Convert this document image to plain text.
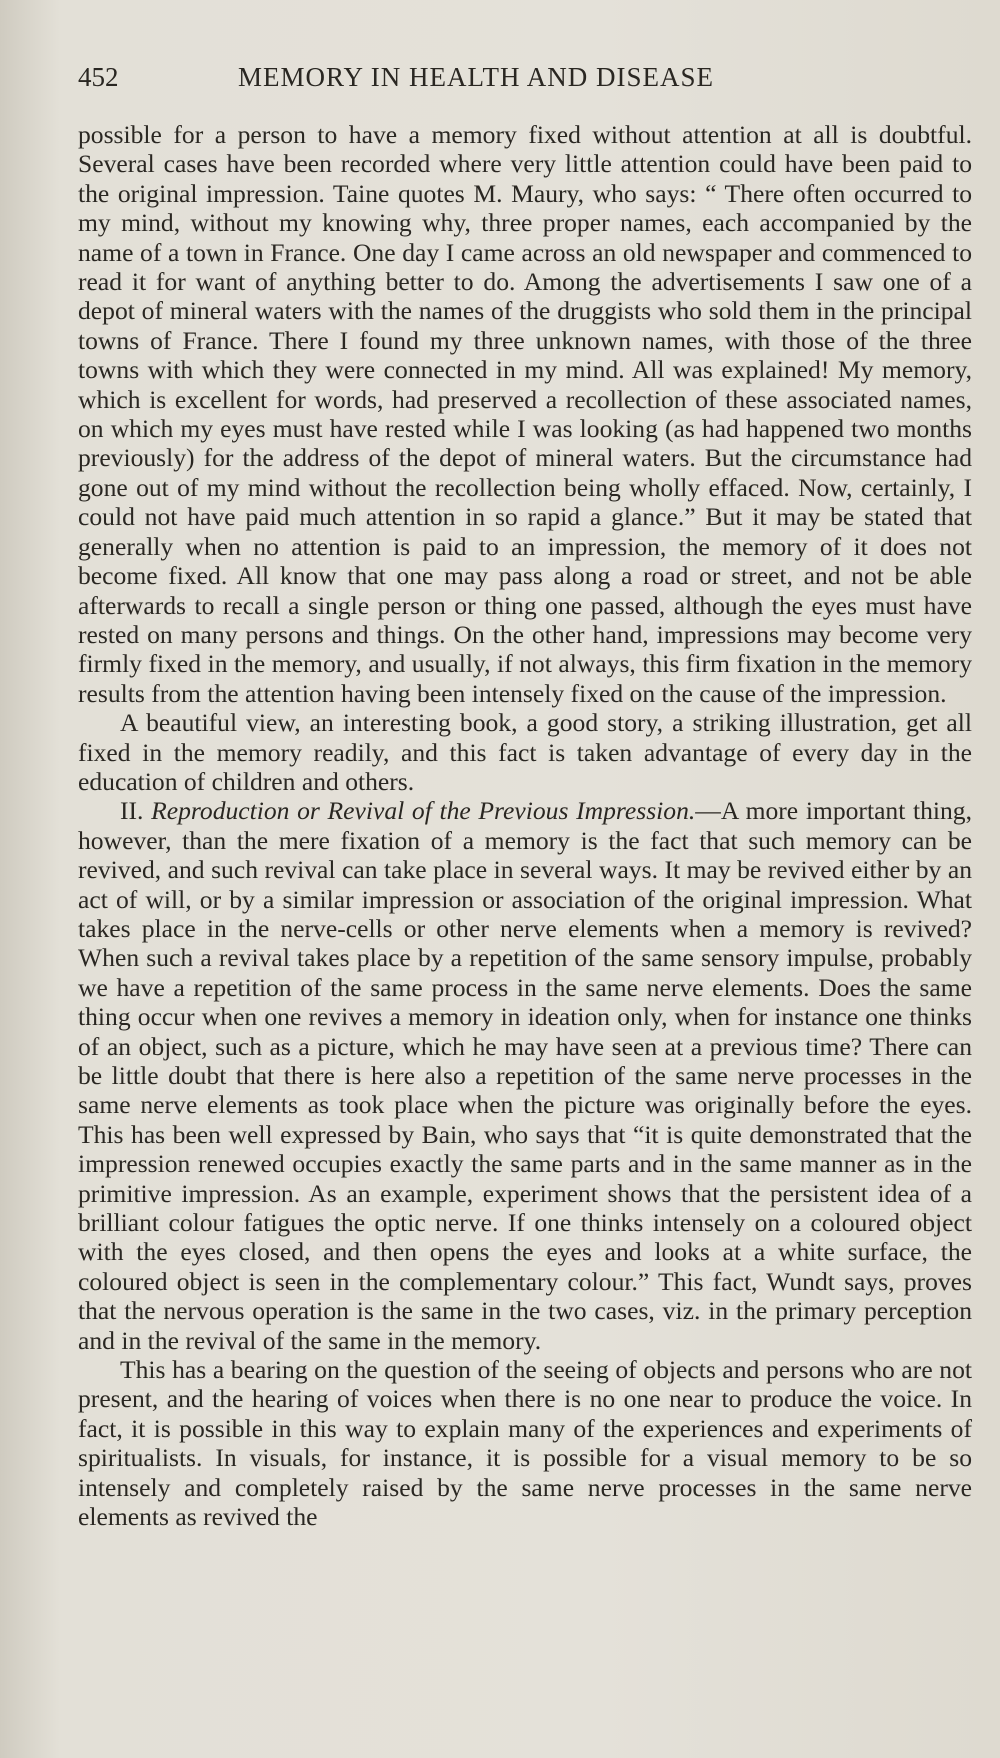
452	MEMORY IN HEALTH AND DISEASE

possible for a person to have a memory fixed without attention at all is doubtful. Several cases have been recorded where very little attention could have been paid to the original impression. Taine quotes M. Maury, who says: “ There often occurred to my mind, without my knowing why, three proper names, each accompanied by the name of a town in France. One day I came across an old newspaper and commenced to read it for want of anything better to do. Among the advertisements I saw one of a depot of mineral waters with the names of the druggists who sold them in the principal towns of France. There I found my three unknown names, with those of the three towns with which they were connected in my mind. All was explained! My memory, which is excellent for words, had preserved a recollection of these associated names, on which my eyes must have rested while I was looking (as had happened two months previously) for the address of the depot of mineral waters. But the circumstance had gone out of my mind without the recollection being wholly effaced. Now, certainly, I could not have paid much attention in so rapid a glance.” But it may be stated that generally when no attention is paid to an impression, the memory of it does not become fixed. All know that one may pass along a road or street, and not be able afterwards to recall a single person or thing one passed, although the eyes must have rested on many persons and things. On the other hand, impressions may become very firmly fixed in the memory, and usually, if not always, this firm fixation in the memory results from the attention having been intensely fixed on the cause of the impression.

A beautiful view, an interesting book, a good story, a striking illustration, get all fixed in the memory readily, and this fact is taken advantage of every day in the education of children and others.

II. Reproduction or Revival of the Previous Impression.—A more important thing, however, than the mere fixation of a memory is the fact that such memory can be revived, and such revival can take place in several ways. It may be revived either by an act of will, or by a similar impression or association of the original impression. What takes place in the nerve-cells or other nerve elements when a memory is revived? When such a revival takes place by a repetition of the same sensory impulse, probably we have a repetition of the same process in the same nerve elements. Does the same thing occur when one revives a memory in ideation only, when for instance one thinks of an object, such as a picture, which he may have seen at a previous time? There can be little doubt that there is here also a repetition of the same nerve processes in the same nerve elements as took place when the picture was originally before the eyes. This has been well expressed by Bain, who says that “it is quite demonstrated that the impression renewed occupies exactly the same parts and in the same manner as in the primitive impression. As an example, experiment shows that the persistent idea of a brilliant colour fatigues the optic nerve. If one thinks intensely on a coloured object with the eyes closed, and then opens the eyes and looks at a white surface, the coloured object is seen in the complementary colour.” This fact, Wundt says, proves that the nervous operation is the same in the two cases, viz. in the primary perception and in the revival of the same in the memory.

This has a bearing on the question of the seeing of objects and persons who are not present, and the hearing of voices when there is no one near to produce the voice. In fact, it is possible in this way to explain many of the experiences and experiments of spiritualists. In visuals, for instance, it is possible for a visual memory to be so intensely and completely raised by the same nerve processes in the same nerve elements as revived the
